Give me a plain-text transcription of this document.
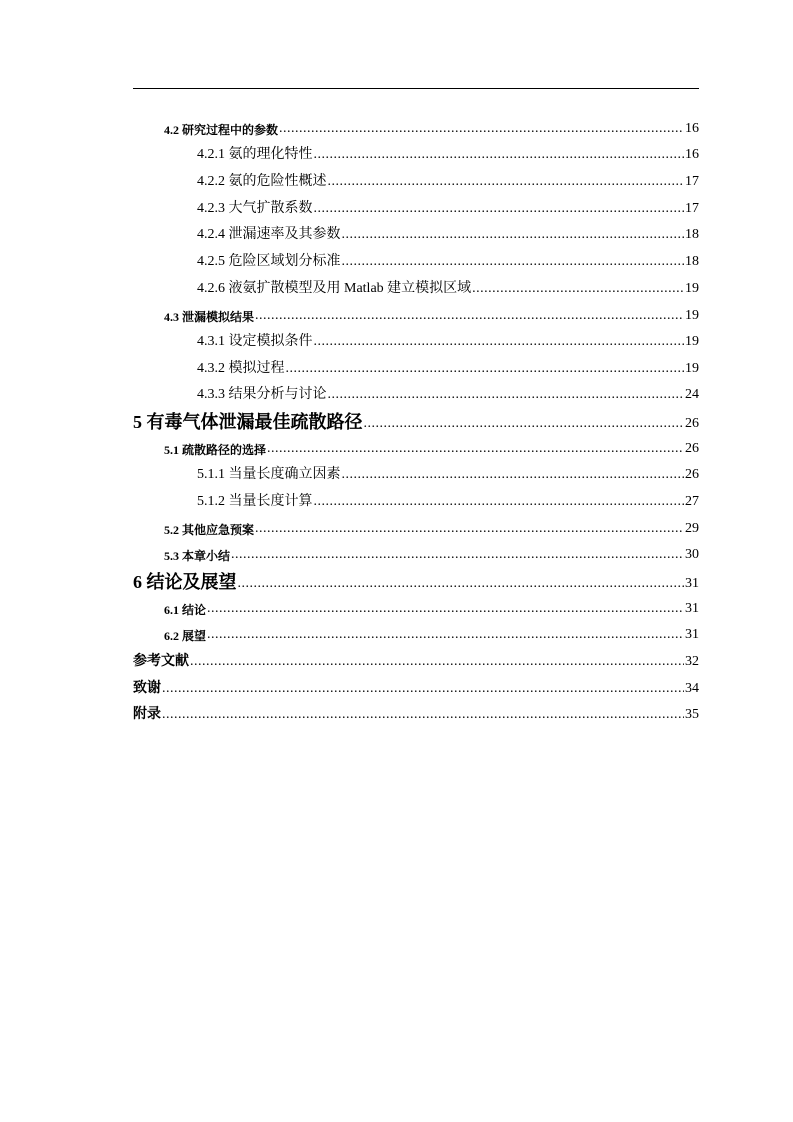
4.2 研究过程中的参数 .....	16
4.2.1 氨的理化特性 .....	16
4.2.2 氨的危险性概述 .....	17
4.2.3 大气扩散系数 .....	17
4.2.4 泄漏速率及其参数 .....	18
4.2.5 危险区域划分标准 .....	18
4.2.6 液氨扩散模型及用 Matlab 建立模拟区域 .....	19
4.3 泄漏模拟结果 .....	19
4.3.1 设定模拟条件 .....	19
4.3.2 模拟过程 .....	19
4.3.3 结果分析与讨论 .....	24
5 有毒气体泄漏最佳疏散路径 .....	26
5.1 疏散路径的选择 .....	26
5.1.1 当量长度确立因素 .....	26
5.1.2 当量长度计算 .....	27
5.2 其他应急预案 .....	29
5.3 本章小结 .....	30
6 结论及展望 .....	31
6.1 结论 .....	31
6.2 展望 .....	31
参考文献 .....	32
致谢 .....	34
附录 .....	35
